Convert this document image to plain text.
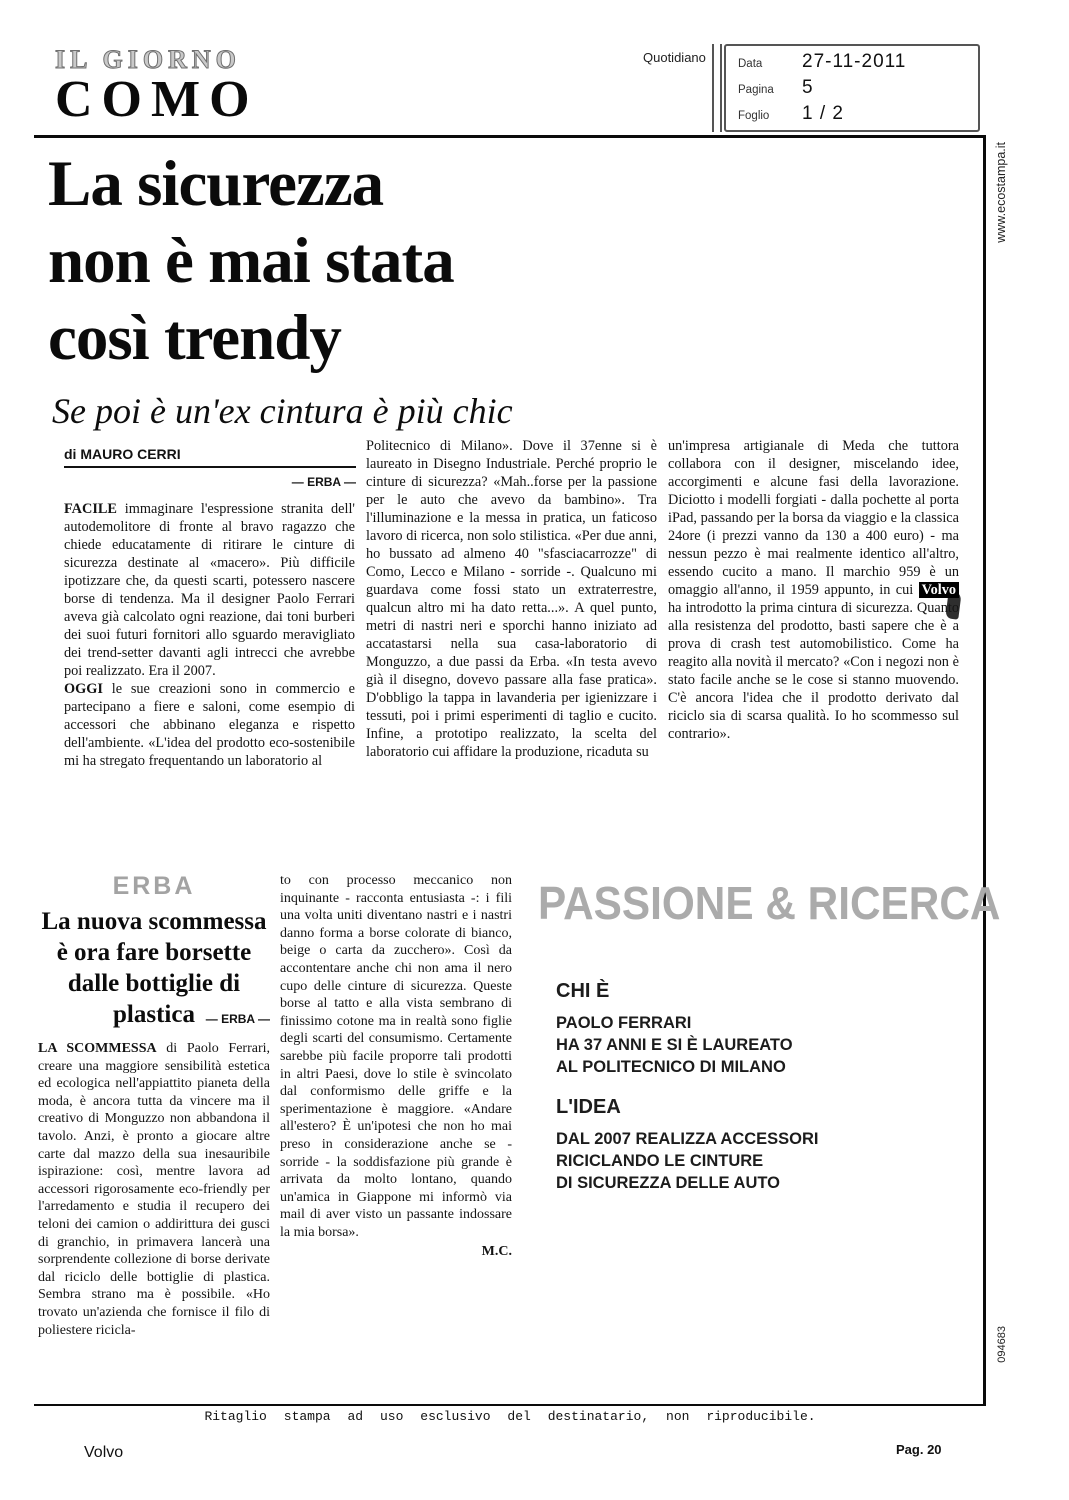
IL GIORNO
COMO
Quotidiano	Data	27-11-2011
Pagina	5
Foglio	1 / 2
www.ecostampa.it
094683
La sicurezza
non è mai stata
così trendy
Se poi è un'ex cintura è più chic
di MAURO CERRI
— ERBA —

FACILE immaginare l'espressione stranita dell' autodemolitore di fronte al bravo ragazzo che chiede educatamente di ritirare le cinture di sicurezza destinate al «macero». Più difficile ipotizzare che, da questi scarti, potessero nascere borse di tendenza. Ma il designer Paolo Ferrari aveva già calcolato ogni reazione, dai toni burberi dei suoi futuri fornitori allo sguardo meravigliato dei trend-setter davanti agli intrecci che avrebbe poi realizzato. Era il 2007.

OGGI le sue creazioni sono in commercio e partecipano a fiere e saloni, come esempio di accessori che abbinano eleganza e rispetto dell'ambiente. «L'idea del prodotto eco-sostenibile mi ha stregato frequentando un laboratorio al

Politecnico di Milano». Dove il 37enne si è laureato in Disegno Industriale. Perché proprio le cinture di sicurezza? «Mah..forse per la passione per le auto che avevo da bambino». Tra l'illuminazione e la messa in pratica, un faticoso lavoro di ricerca, non solo stilistica. «Per due anni, ho bussato ad almeno 40 "sfasciacarrozze" di Como, Lecco e Milano - sorride -. Qualcuno mi guardava come fossi stato un extraterrestre, qualcun altro mi ha dato retta...». A quel punto, metri di nastri neri e sporchi hanno iniziato ad accatastarsi nella sua casa-laboratorio di Monguzzo, a due passi da Erba. «In testa avevo già il disegno, dovevo passare alla fase pratica». D'obbligo la tappa in lavanderia per igienizzare i tessuti, poi i primi esperimenti di taglio e cucito. Infine, a prototipo realizzato, la scelta del laboratorio cui affidare la produzione, ricaduta su

un'impresa artigianale di Meda che tuttora collabora con il designer, miscelando idee, accorgimenti e alcune fasi della lavorazione. Diciotto i modelli forgiati - dalla pochette al porta iPad, passando per la borsa da viaggio e la classica 24ore (i prezzi vanno da 130 a 400 euro) - ma nessun pezzo è mai realmente identico all'altro, essendo cucito a mano. Il marchio 959 è un omaggio all'anno, il 1959 appunto, in cui Volvo ha introdotto la prima cintura di sicurezza. Quanto alla resistenza del prodotto, basti sapere che è a prova di crash test automobilistico. Come ha reagito alla novità il mercato? «Con i negozi non è stato facile anche se le cose si stanno muovendo. C'è ancora l'idea che il prodotto derivato dal riciclo sia di scarsa qualità. Io ho scommesso sul contrario».

ERBA
La nuova scommessa
è ora fare borsette
dalle bottiglie di plastica — ERBA —

LA SCOMMESSA di Paolo Ferrari, creare una maggiore sensibilità estetica ed ecologica nell'appiattito pianeta della moda, è ancora tutta da vincere ma il creativo di Monguzzo non abbandona il tavolo. Anzi, è pronto a giocare altre carte dal mazzo della sua inesauribile ispirazione: così, mentre lavora ad accessori rigorosamente eco-friendly per l'arredamento e studia il recupero dei teloni dei camion o addirittura dei gusci di granchio, in primavera lancerà una sorprendente collezione di borse derivate dal riciclo delle bottiglie di plastica. Sembra strano ma è possibile. «Ho trovato un'azienda che fornisce il filo di poliestere ricicla-

to con processo meccanico non inquinante - racconta entusiasta -: i fili una volta uniti diventano nastri e i nastri danno forma a borse colorate di bianco, beige o carta da zucchero». Così da accontentare anche chi non ama il nero cupo delle cinture di sicurezza. Queste borse al tatto e alla vista sembrano di finissimo cotone ma in realtà sono figlie degli scarti del consumismo. Certamente sarebbe più facile proporre tali prodotti in altri Paesi, dove lo stile è svincolato dal conformismo delle griffe e la sperimentazione è maggiore. «Andare all'estero? È un'ipotesi che non ho mai preso in considerazione anche se - sorride - la soddisfazione più grande è arrivata da molto lontano, quando un'amica in Giappone mi informò via mail di aver visto un passante indossare la mia borsa».

M.C.
PASSIONE & RICERCA
CHI È
PAOLO FERRARI
HA 37 ANNI E SI È LAUREATO
AL POLITECNICO DI MILANO
L'IDEA
DAL 2007 REALIZZA ACCESSORI
RICICLANDO LE CINTURE
DI SICUREZZA DELLE AUTO
Ritaglio stampa ad uso esclusivo del destinatario, non riproducibile.
Volvo	Pag. 20
